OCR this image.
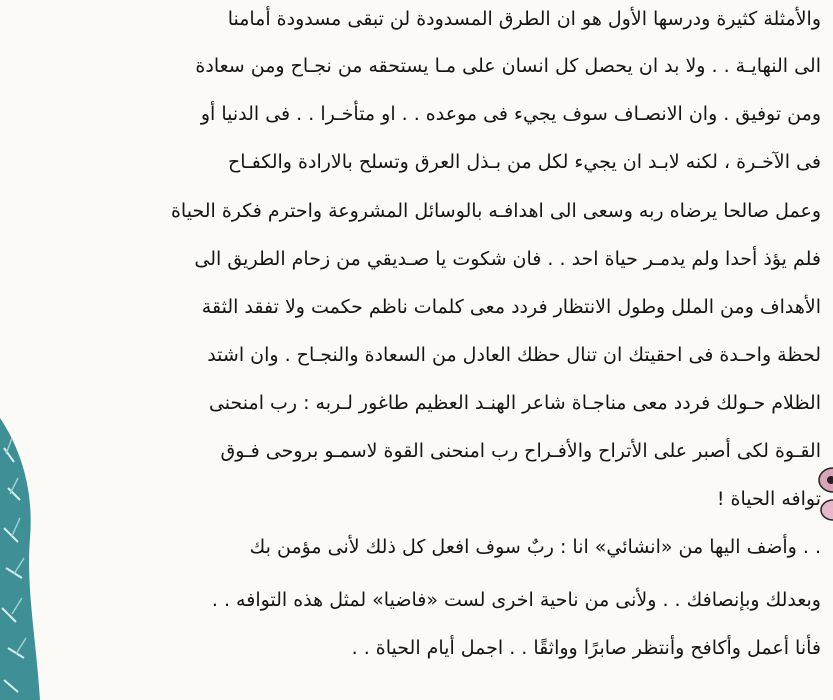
والأمثلة كثيرة ودرسها الأول هو ان الطرق المسدودة لن تبقى مسدودة أمامنا
الى النهايـة . . ولا بد ان يحصل كل انسان على مـا يستحقه من نجـاح ومن سعادة
ومن توفيق . وان الانصـاف سوف يجيء فى موعده . . او متأخـرا . . فى الدنيا أو
فى الآخـرة ، لكنه لابـد ان يجيء لكل من بـذل العرق وتسلح بالارادة والكفـاح
وعمل صالحا يرضاه ربه وسعى الى اهدافـه بالوسائل المشروعة واحترم فكرة الحياة
فلم يؤذ أحدا ولم يدمـر حياة احد . . فان شكوت يا صـديقي من زحام الطريق الى
الأهداف ومن الملل وطول الانتظار فردد معى كلمات ناظم حكمت ولا تفقد الثقة
لحظة واحـدة فى احقيتك ان تنال حظك العادل من السعادة والنجـاح . وان اشتد
الظلام حـولك فردد معى مناجـاة شاعر الهنـد العظيم طاغور لـربه : رب امنحنى
القـوة لكى أصبر على الأتراح والأفـراح رب امنحنى القوة لاسمـو بروحى فـوق
توافه الحياة !
. . وأضف اليها من «انشائي» انا : ربٌ سوف افعل كل ذلك لأنى مؤمن بك
وبعدلك وبإنصافك . . ولأنى من ناحية اخرى لست «فاضيا» لمثل هذه التوافه . .
فأنا أعمل وأكافح وأنتظر صابرًا وواثقًا . . اجمل أيام الحياة . .
